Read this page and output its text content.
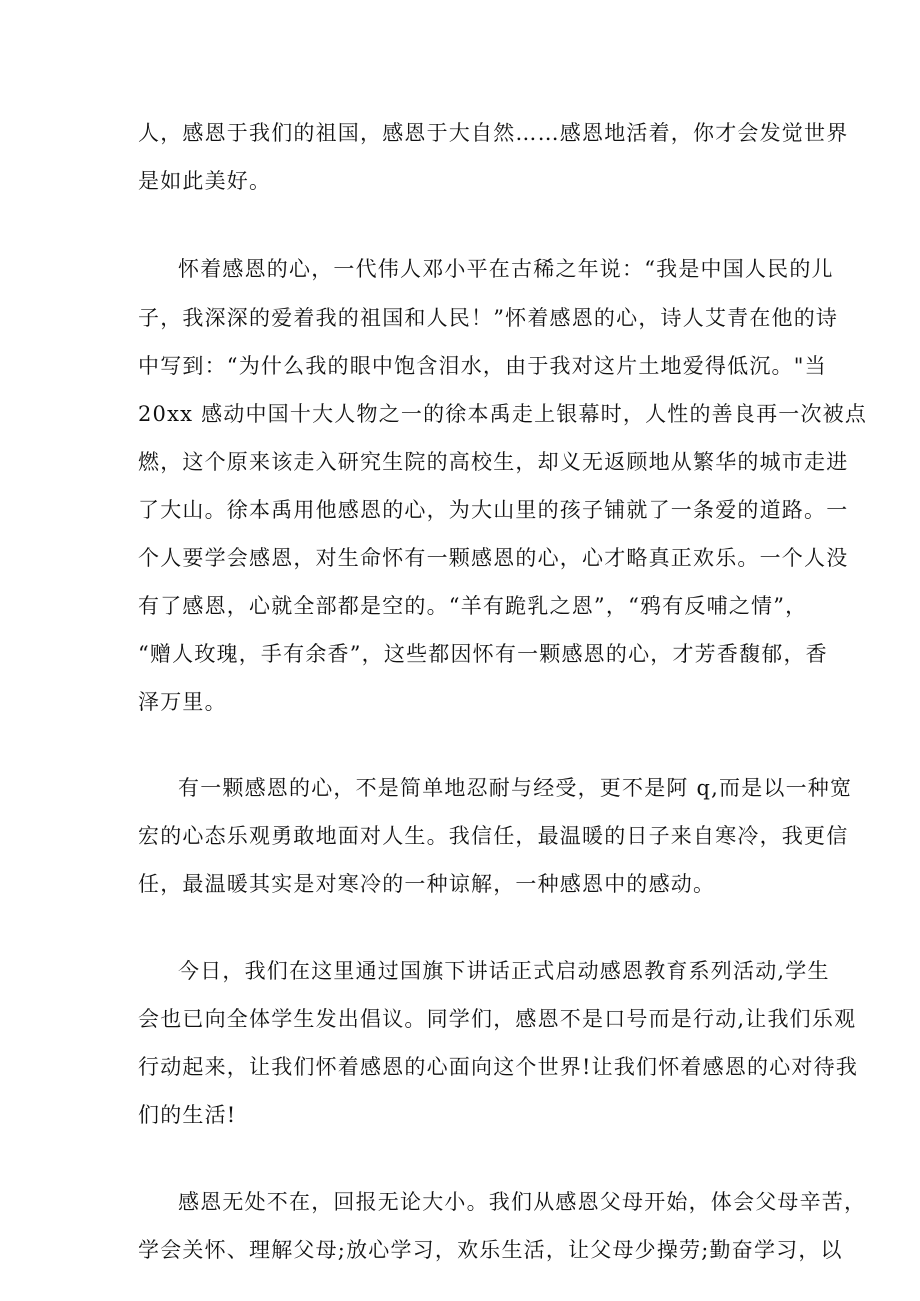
人，感恩于我们的祖国，感恩于大自然……感恩地活着，你才会发觉世界
是如此美好。
怀着感恩的心，一代伟人邓小平在古稀之年说：“我是中国人民的儿
子，我深深的爱着我的祖国和人民！”怀着感恩的心，诗人艾青在他的诗
中写到：“为什么我的眼中饱含泪水，由于我对这片土地爱得低沉。"当
20xx 感动中国十大人物之一的徐本禹走上银幕时，人性的善良再一次被点
燃，这个原来该走入研究生院的高校生，却义无返顾地从繁华的城市走进
了大山。徐本禹用他感恩的心，为大山里的孩子铺就了一条爱的道路。一
个人要学会感恩，对生命怀有一颗感恩的心，心才略真正欢乐。一个人没
有了感恩，心就全部都是空的。“羊有跪乳之恩”，“鸦有反哺之情”，
“赠人玫瑰，手有余香”，这些都因怀有一颗感恩的心，才芳香馥郁，香
泽万里。
有一颗感恩的心，不是简单地忍耐与经受，更不是阿 q,而是以一种宽
宏的心态乐观勇敢地面对人生。我信任，最温暖的日子来自寒冷，我更信
任，最温暖其实是对寒冷的一种谅解，一种感恩中的感动。
今日，我们在这里通过国旗下讲话正式启动感恩教育系列活动,学生
会也已向全体学生发出倡议。同学们，感恩不是口号而是行动,让我们乐观
行动起来，让我们怀着感恩的心面向这个世界!让我们怀着感恩的心对待我
们的生活!
感恩无处不在，回报无论大小。我们从感恩父母开始，体会父母辛苦，
学会关怀、理解父母;放心学习，欢乐生活，让父母少操劳;勤奋学习，以
